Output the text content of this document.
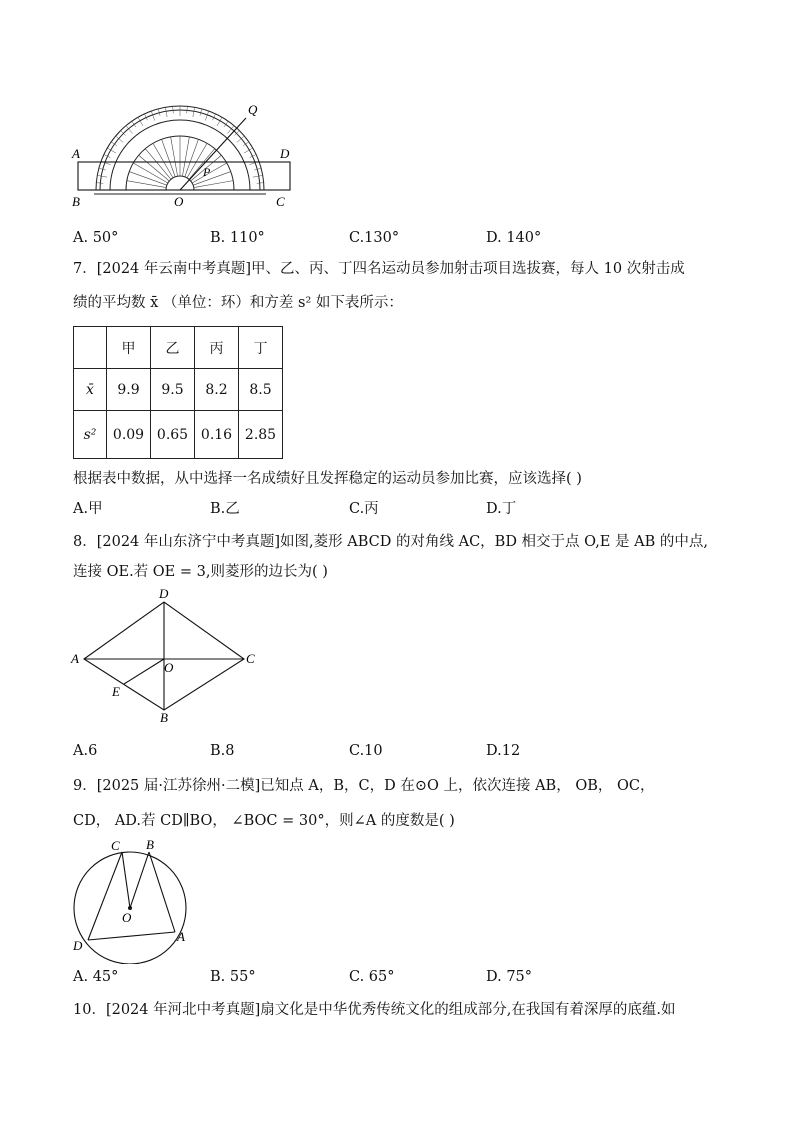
Q
A	D
P
B	O	C
A. 50°	B. 110°	C.130°	D. 140°
7．[2024 年云南中考真题]甲、乙、丙、丁四名运动员参加射击项目选拔赛，每人 10 次射击成
绩的平均数 x̄ （单位：环）和方差 s² 如下表所示：
	甲	乙	丙	丁
x̄	9.9	9.5	8.2	8.5
s²	0.09	0.65	0.16	2.85
根据表中数据，从中选择一名成绩好且发挥稳定的运动员参加比赛，应该选择( )
A.甲	B.乙	C.丙	D.丁
8．[2024 年山东济宁中考真题]如图,菱形 ABCD 的对角线 AC，BD 相交于点 O,E 是 AB 的中点,
连接 OE.若 OE = 3,则菱形的边长为( )
D
A	C
O
E
B
A.6	B.8	C.10	D.12
9．[2025 届·江苏徐州·二模]已知点 A，B，C，D 在⊙O 上，依次连接 AB， OB， OC，
CD， AD.若 CD∥BO， ∠BOC = 30°，则∠A 的度数是( )
C B
O
D
A
A. 45°	B. 55°	C. 65°	D. 75°
10．[2024 年河北中考真题]扇文化是中华优秀传统文化的组成部分,在我国有着深厚的底蕴.如
